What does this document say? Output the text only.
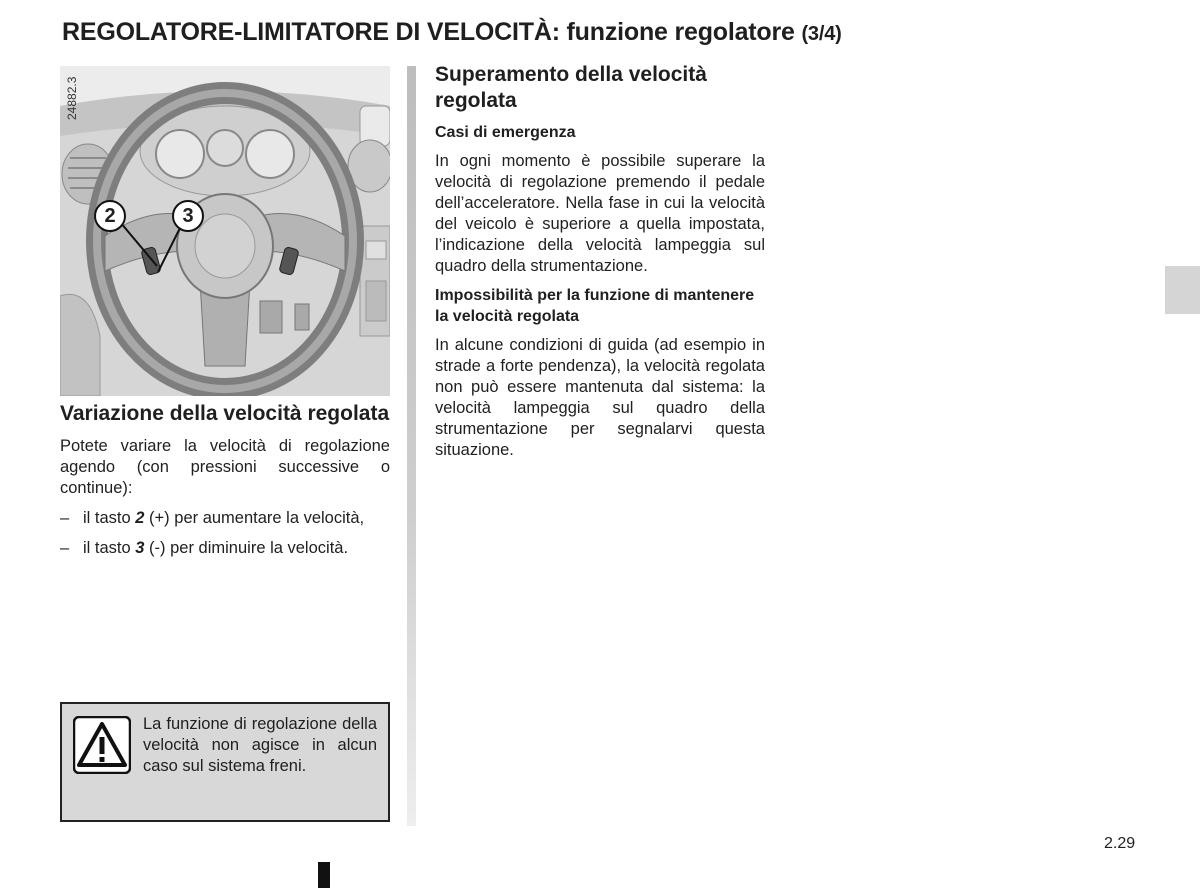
REGOLATORE-LIMITATORE DI VELOCITÀ: funzione regolatore (3/4)
2	3
24882.3

Variazione della velocità regolata

Potete variare la velocità di regolazione agendo (con pressioni successive o continue):

– il tasto 2 (+) per aumentare la velocità,
– il tasto 3 (-) per diminuire la velocità.
La funzione di regolazione della velocità non agisce in alcun caso sul sistema freni.

Superamento della velocità regolata

Casi di emergenza

In ogni momento è possibile superare la velocità di regolazione premendo il pedale dell’acceleratore. Nella fase in cui la velocità del veicolo è superiore a quella impostata, l’indicazione della velocità lampeggia sul quadro della strumentazione.

Impossibilità per la funzione di mantenere la velocità regolata

In alcune condizioni di guida (ad esempio in strade a forte pendenza), la velocità regolata non può essere mantenuta dal sistema: la velocità lampeggia sul quadro della strumentazione per segnalarvi questa situazione.

2.29
